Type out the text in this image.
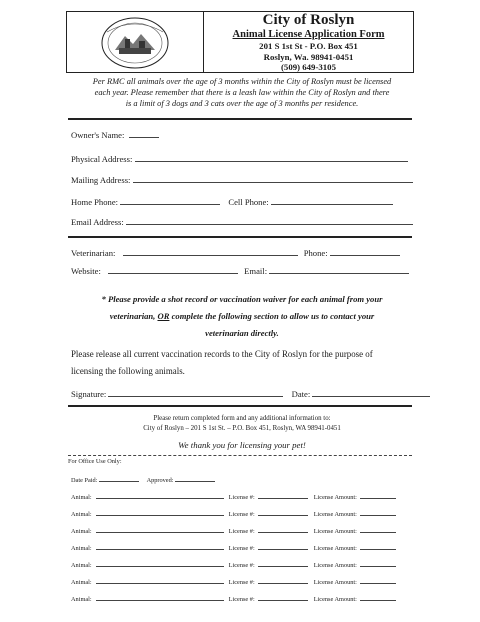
City of Roslyn
Animal License Application Form
201 S 1st St - P.O. Box 451
Roslyn, Wa. 98941-0451
(509) 649-3105
Per RMC all animals over the age of 3 months within the City of Roslyn must be licensed
each year. Please remember that there is a leash law within the City of Roslyn and there
is a limit of 3 dogs and 3 cats over the age of 3 months per residence.
Owner's Name:
Physical Address:
Mailing Address:
Home Phone:	Cell Phone:
Email Address:
Veterinarian:	Phone:
Website:	Email:
* Please provide a shot record or vaccination waiver for each animal from your
veterinarian, OR complete the following section to allow us to contact your
veterinarian directly.
Please release all current vaccination records to the City of Roslyn for the purpose of
licensing the following animals.
Signature:	Date:
Please return completed form and any additional information to:
City of Roslyn – 201 S 1st St. – P.O. Box 451, Roslyn, WA 98941-0451
We thank you for licensing your pet!
For Office Use Only:
Date Paid:	Approved:
Animal:	License #:	License Amount:
Animal:	License #:	License Amount:
Animal:	License #:	License Amount:
Animal:	License #:	License Amount:
Animal:	License #:	License Amount:
Animal:	License #:	License Amount:
Animal:	License #:	License Amount:
